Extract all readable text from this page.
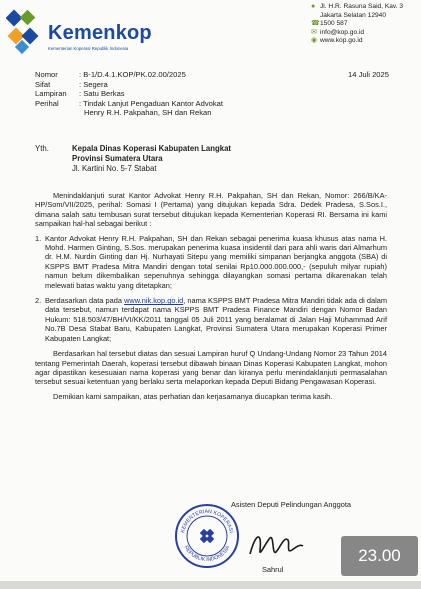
Kemenkop
Kementerian Koperasi Republik Indonesia
● Jl. H.R. Rasuna Said, Kav. 3
Jakarta Selatan 12940
☎ 1500 587
✉ info@kop.go.id
◉ www.kop.go.id
Nomor	: B-1/D.4.1.KOP/PK.02.00/2025
Sifat	: Segera
Lampiran	: Satu Berkas
Perihal	: Tindak Lanjut Pengaduan Kantor Advokat
Henry R.H. Pakpahan, SH dan Rekan
14 Juli 2025
Yth.	Kepala Dinas Koperasi Kabupaten Langkat
Provinsi Sumatera Utara
Jl. Kartini No. 5-7 Stabat

Menindaklanjuti surat Kantor Advokat Henry R.H. Pakpahan, SH dan Rekan, Nomor: 266/B/KA-HP/Som/VII/2025, perihal: Somasi I (Pertama) yang ditujukan kepada Sdra. Dedek Pradesa, S.Sos.I., dimana salah satu tembusan surat tersebut ditujukan kepada Kementerian Koperasi RI. Bersama ini kami sampaikan hal-hal sebagai berikut :

1. Kantor Advokat Henry R.H. Pakpahan, SH dan Rekan sebagai penerima kuasa khusus atas nama H. Mohd. Harmen Ginting, S.Sos. merupakan penerima kuasa insidentil dari para ahli waris dari Almarhum dr. H.M. Nurdin Ginting dan Hj. Nurhayati Sitepu yang memiliki simpanan berjangka anggota (SBA) di KSPPS BMT Pradesa Mitra Mandiri dengan total senilai Rp10.000.000.000,- (sepuluh milyar rupiah) namun belum dikembalikan sepenuhnya sehingga dilayangkan somasi pertama dikarenakan telah melewati batas waktu yang ditetapkan;
2. Berdasarkan data pada www.nik.kop.go.id, nama KSPPS BMT Pradesa Mitra Mandiri tidak ada di dalam data tersebut, namun terdapat nama KSPPS BMT Pradesa Finance Mandiri dengan Nomor Badan Hukum: 518.503/47/BH/VI/KK/2011 tanggal 05 Juli 2011 yang beralamat di Jalan Haji Muhammad Arif No.7B Desa Stabat Baru, Kabupaten Langkat, Provinsi Sumatera Utara merupakan Koperasi Primer Kabupaten Langkat;

Berdasarkan hal tersebut diatas dan sesuai Lampiran huruf Q Undang-Undang Nomor 23 Tahun 2014 tentang Pemerintah Daerah, koperasi tersebut dibawah binaan Dinas Koperasi Kabupaten Langkat, mohon agar dipastikan kesesuaian nama koperasi yang benar dan kiranya perlu menindaklanjuti permasalahan tersebut sesuai ketentuan yang berlaku serta melaporkan kepada Deputi Bidang Pengawasan Koperasi.

Demikian kami sampaikan, atas perhatian dan kerjasamanya diucapkan terima kasih.

Asisten Deputi Pelindungan Anggota
KEMENTERIAN KOPERASI
REPUBLIK INDONESIA
Sahrul
23.00
